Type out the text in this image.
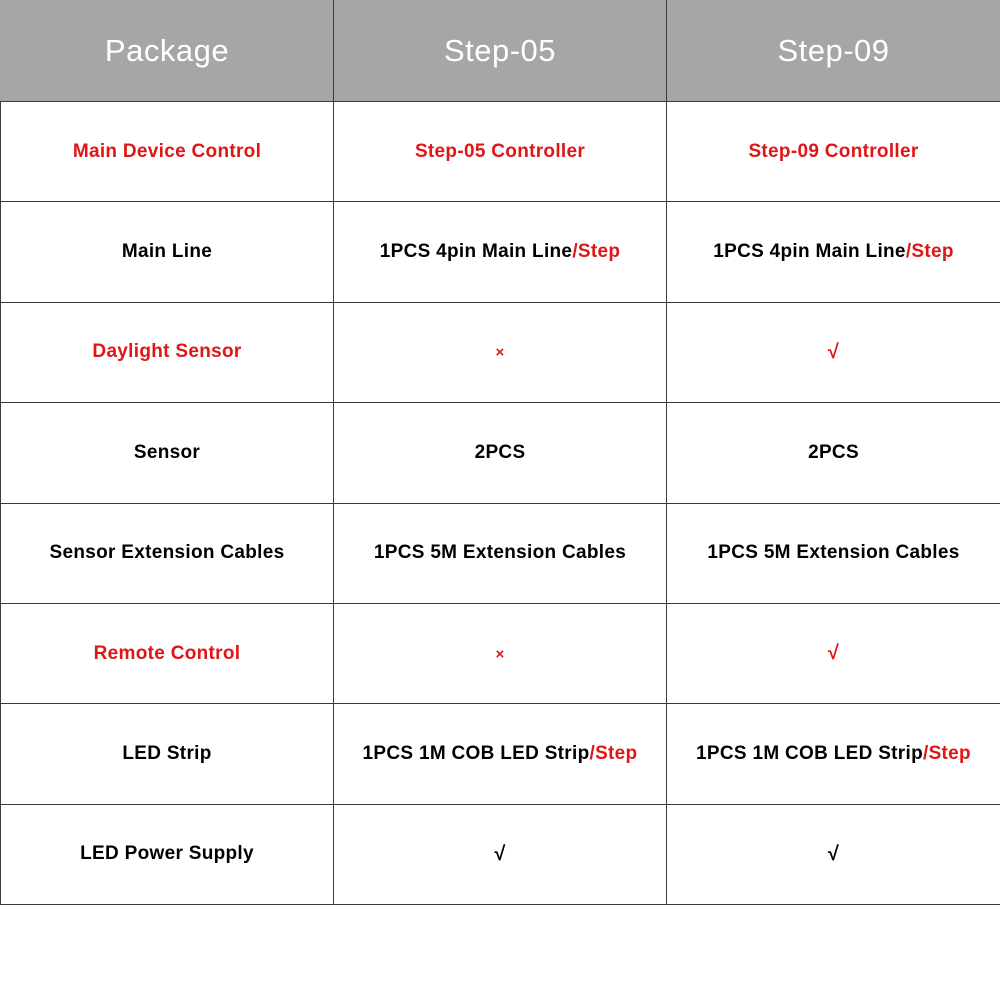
Package	Step-05	Step-09
Main Device Control	Step-05 Controller	Step-09 Controller
Main Line	1PCS 4pin Main Line/Step	1PCS 4pin Main Line/Step
Daylight Sensor	×	√
Sensor	2PCS	2PCS
Sensor Extension Cables	1PCS 5M Extension Cables	1PCS 5M Extension Cables
Remote Control	×	√
LED Strip	1PCS 1M COB LED Strip/Step	1PCS 1M COB LED Strip/Step
LED Power Supply	√	√
